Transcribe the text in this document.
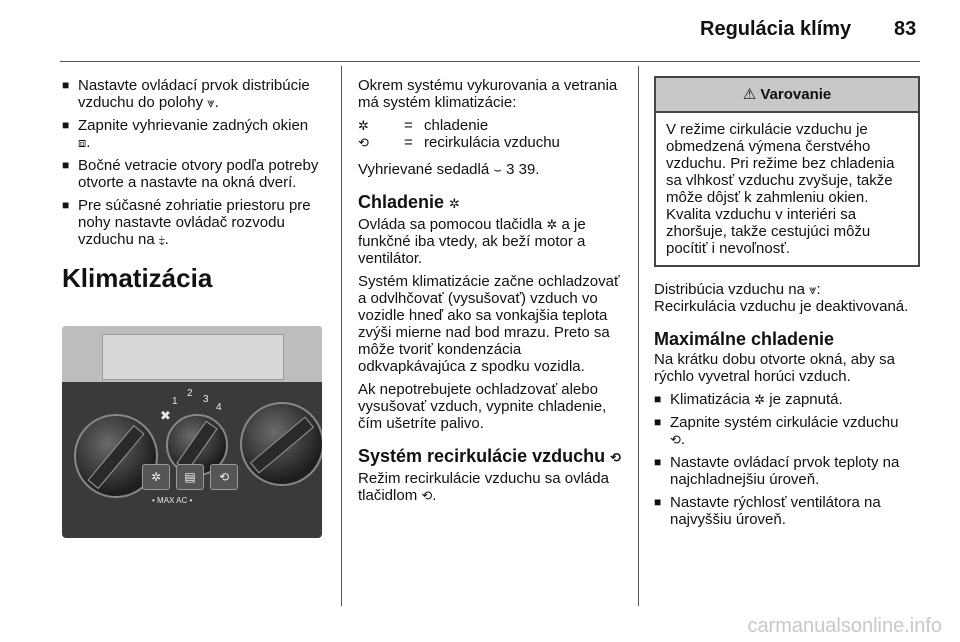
Regulácia klímy 83
■ Nastavte ovládací prvok distribúcie vzduchu do polohy ⩔.
■ Zapnite vyhrievanie zadných okien
⧈.
■ Bočné vetracie otvory podľa potreby otvorte a nastavte na okná dverí.
■ Pre súčasné zohriatie priestoru pre nohy nastavte ovládač rozvodu vzduchu na ⤈.
Klimatizácia
✖
1
2
3
4
✲	▤	⟲
• MAX AC •

Okrem systému vykurovania a vetrania má systém klimatizácie:

✲	= chladenie
⟲	= recirkulácia vzduchu

Vyhrievané sedadlá ⌣ 3 39.

Chladenie ✲

Ovláda sa pomocou tlačidla ✲ a je funkčné iba vtedy, ak beží motor a ventilátor.

Systém klimatizácie začne ochladzovať a odvlhčovať (vysušovať) vzduch vo vozidle hneď ako sa vonkajšia teplota zvýši mierne nad bod mrazu. Preto sa môže tvoriť kondenzácia odkvapkávajúca z spodku vozidla.

Ak nepotrebujete ochladzovať alebo vysušovať vzduch, vypnite chladenie, čím ušetríte palivo.

Systém recirkulácie vzduchu ⟲

Režim recirkulácie vzduchu sa ovláda tlačidlom ⟲.

⚠ Varovanie
V režime cirkulácie vzduchu je obmedzená výmena čerstvého vzduchu. Pri režime bez chladenia sa vlhkosť vzduchu zvyšuje, takže môže dôjsť k zahmleniu okien. Kvalita vzduchu v interiéri sa zhoršuje, takže cestujúci môžu pocítiť i nevoľnosť.

Distribúcia vzduchu na ⩔:
Recirkulácia vzduchu je deaktivovaná.

Maximálne chladenie

Na krátku dobu otvorte okná, aby sa rýchlo vyvetral horúci vzduch.

■ Klimatizácia ✲ je zapnutá.
■ Zapnite systém cirkulácie vzduchu
⟲.
■ Nastavte ovládací prvok teploty na najchladnejšiu úroveň.
■ Nastavte rýchlosť ventilátora na najvyššiu úroveň.
carmanualsonline.info
